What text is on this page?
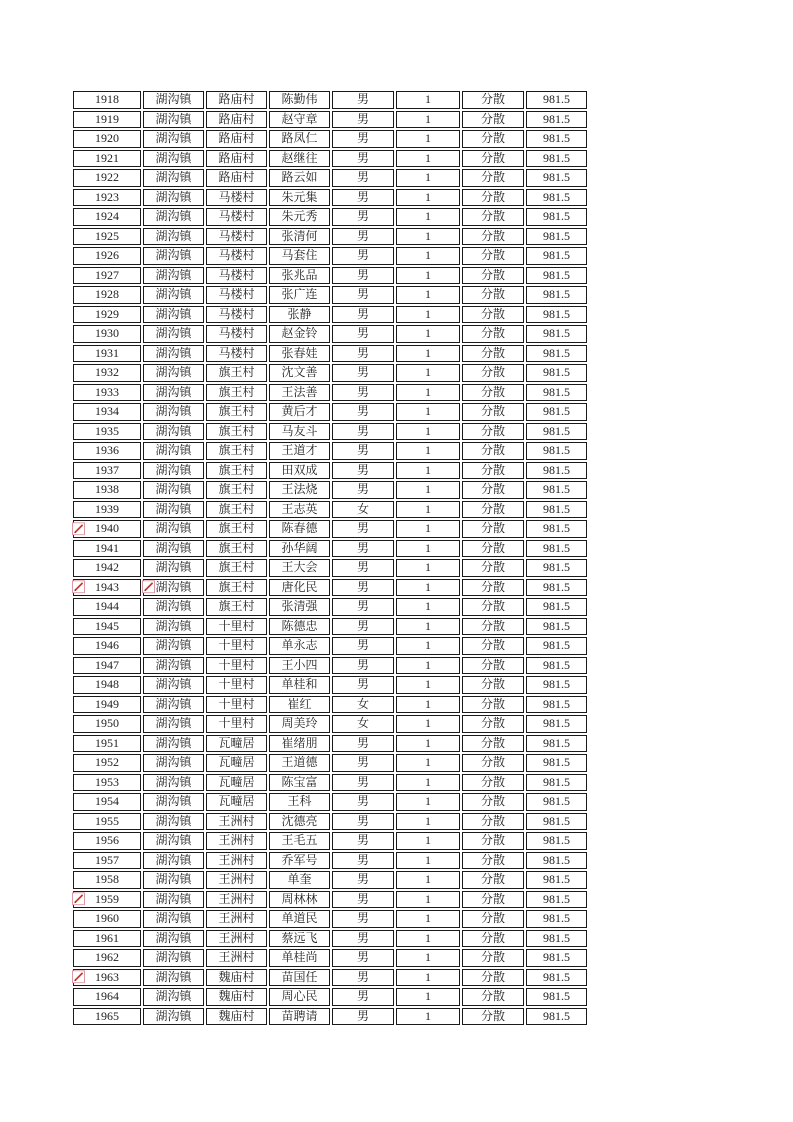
1918	湖沟镇	路庙村	陈勤伟	男	1	分散	981.5
1919	湖沟镇	路庙村	赵守章	男	1	分散	981.5
1920	湖沟镇	路庙村	路凤仁	男	1	分散	981.5
1921	湖沟镇	路庙村	赵继往	男	1	分散	981.5
1922	湖沟镇	路庙村	路云如	男	1	分散	981.5
1923	湖沟镇	马楼村	朱元集	男	1	分散	981.5
1924	湖沟镇	马楼村	朱元秀	男	1	分散	981.5
1925	湖沟镇	马楼村	张清何	男	1	分散	981.5
1926	湖沟镇	马楼村	马套住	男	1	分散	981.5
1927	湖沟镇	马楼村	张兆品	男	1	分散	981.5
1928	湖沟镇	马楼村	张广连	男	1	分散	981.5
1929	湖沟镇	马楼村	张静	男	1	分散	981.5
1930	湖沟镇	马楼村	赵金铃	男	1	分散	981.5
1931	湖沟镇	马楼村	张春娃	男	1	分散	981.5
1932	湖沟镇	旗王村	沈文善	男	1	分散	981.5
1933	湖沟镇	旗王村	王法善	男	1	分散	981.5
1934	湖沟镇	旗王村	黄后才	男	1	分散	981.5
1935	湖沟镇	旗王村	马友斗	男	1	分散	981.5
1936	湖沟镇	旗王村	王道才	男	1	分散	981.5
1937	湖沟镇	旗王村	田双成	男	1	分散	981.5
1938	湖沟镇	旗王村	王法烧	男	1	分散	981.5
1939	湖沟镇	旗王村	王志英	女	1	分散	981.5
1940	湖沟镇	旗王村	陈春德	男	1	分散	981.5
1941	湖沟镇	旗王村	孙华阔	男	1	分散	981.5
1942	湖沟镇	旗王村	王大会	男	1	分散	981.5
1943	湖沟镇	旗王村	唐化民	男	1	分散	981.5
1944	湖沟镇	旗王村	张清强	男	1	分散	981.5
1945	湖沟镇	十里村	陈德忠	男	1	分散	981.5
1946	湖沟镇	十里村	单永志	男	1	分散	981.5
1947	湖沟镇	十里村	王小四	男	1	分散	981.5
1948	湖沟镇	十里村	单桂和	男	1	分散	981.5
1949	湖沟镇	十里村	崔红	女	1	分散	981.5
1950	湖沟镇	十里村	周美玲	女	1	分散	981.5
1951	湖沟镇	瓦疃居	崔绪朋	男	1	分散	981.5
1952	湖沟镇	瓦疃居	王道德	男	1	分散	981.5
1953	湖沟镇	瓦疃居	陈宝富	男	1	分散	981.5
1954	湖沟镇	瓦疃居	王科	男	1	分散	981.5
1955	湖沟镇	王洲村	沈德亮	男	1	分散	981.5
1956	湖沟镇	王洲村	王毛五	男	1	分散	981.5
1957	湖沟镇	王洲村	乔军号	男	1	分散	981.5
1958	湖沟镇	王洲村	单奎	男	1	分散	981.5
1959	湖沟镇	王洲村	周林林	男	1	分散	981.5
1960	湖沟镇	王洲村	单道民	男	1	分散	981.5
1961	湖沟镇	王洲村	蔡远飞	男	1	分散	981.5
1962	湖沟镇	王洲村	单桂尚	男	1	分散	981.5
1963	湖沟镇	魏庙村	苗国任	男	1	分散	981.5
1964	湖沟镇	魏庙村	周心民	男	1	分散	981.5
1965	湖沟镇	魏庙村	苗聘请	男	1	分散	981.5
